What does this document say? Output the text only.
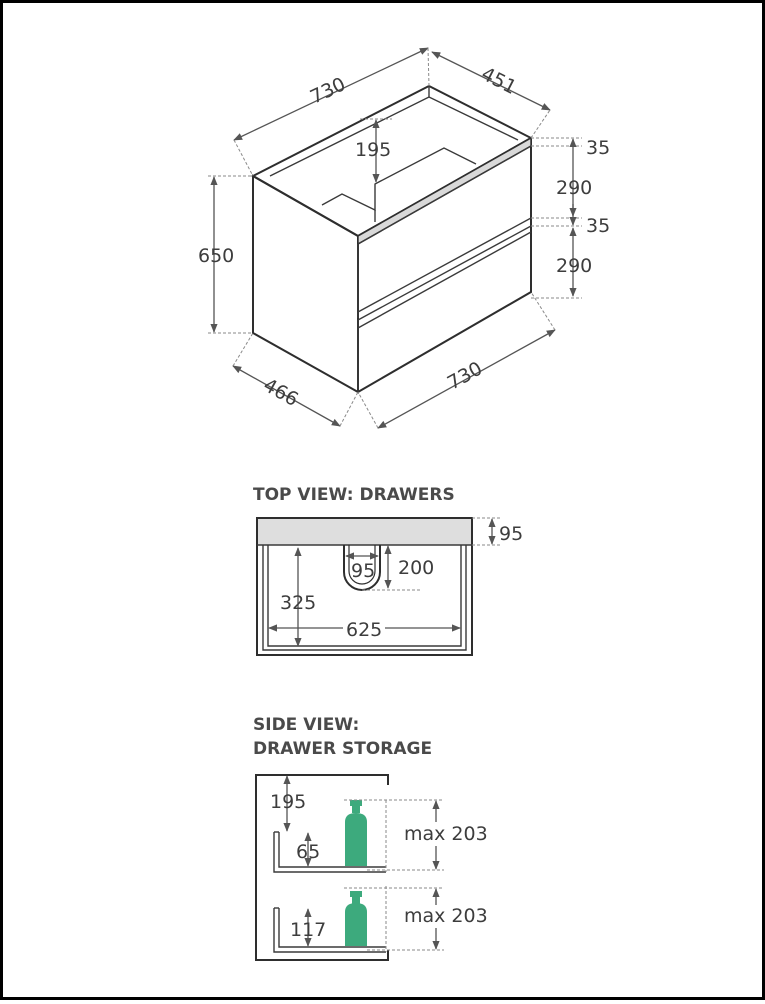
730	451
195
650
466	730
35
290
35
290
TOP VIEW: DRAWERS
95
95 200
325
625
SIDE VIEW:
DRAWER STORAGE
195
65
117
max 203
max 203
